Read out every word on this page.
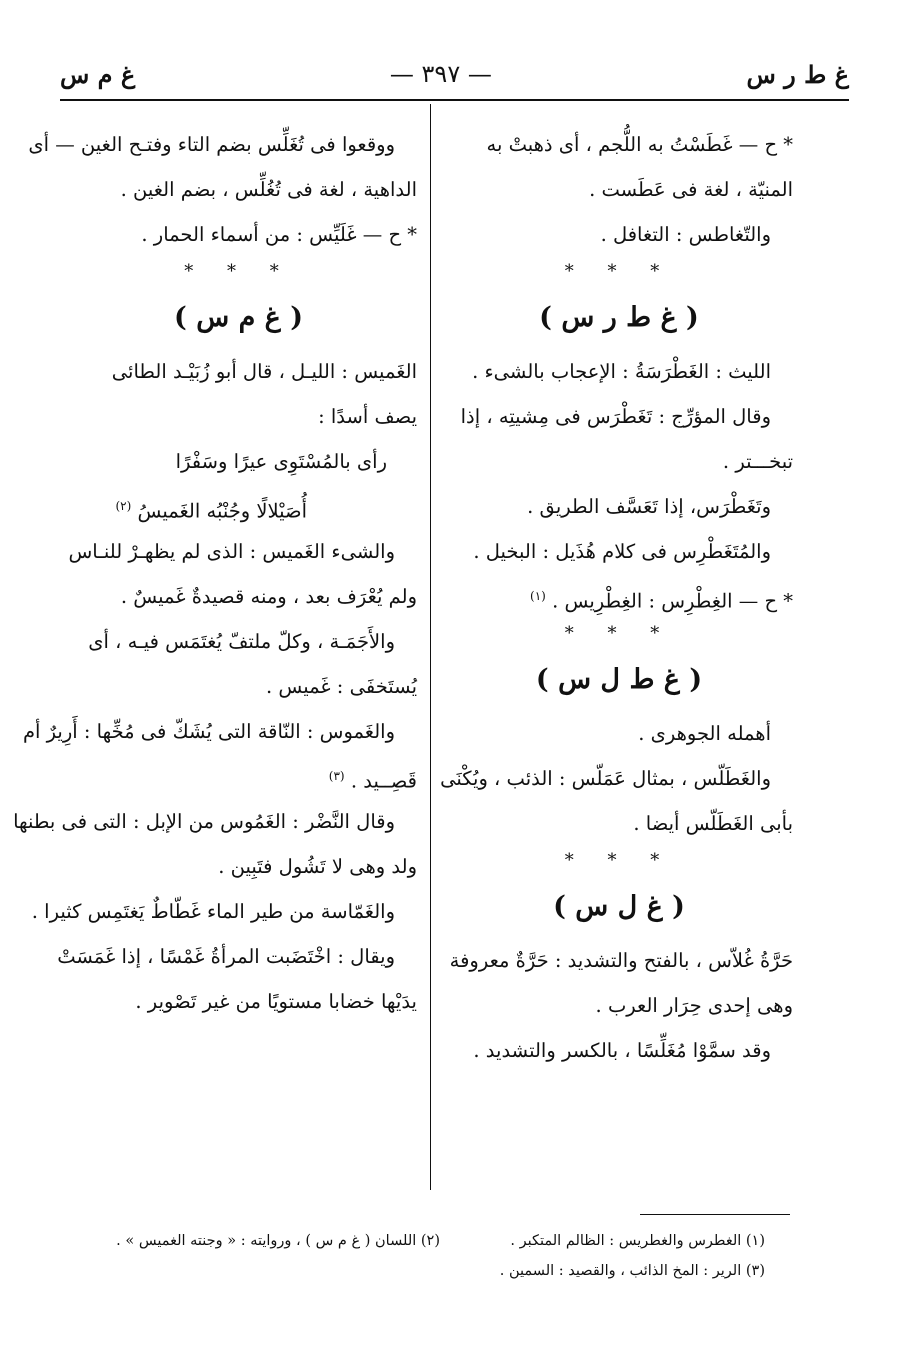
غ ط ر س
— ٣٩٧ —
غ م س
* ح — غَطَسْتُ به اللُّجم ، أى ذهبتْ به
المنيّة ، لغة فى عَطَست .
والتّغاطس : التغافل .
* * *
( غ ط ر س )
الليث : الغَطْرَسَةُ : الإعجاب بالشىء .
وقال المؤرِّج : تَغَطْرَس فى مِشيتِه ، إذا
تبخـــتر .
وتَغَطْرَس، إذا تَعَسَّف الطريق .
والمُتَغَطْرِس فى كلام هُذَيل : البخيل .
* ح — الغِطْرِس : الغِطْرِيس . $^{(١)}$
* * *
( غ ط ل س )
أهمله الجوهرى .
والغَطَلّس ، بمثال عَمَلّس : الذئب ، ويُكْنَى
بأبى الغَطَلّس أيضا .
* * *
( غ ل س )
حَرَّةُ غُلاّس ، بالفتح والتشديد : حَرَّةٌ معروفة
وهى إحدى حِرَار العرب .
وقد سمَّوْا مُغَلِّسًا ، بالكسر والتشديد .
ووقعوا فى تُغَلِّس بضم التاء وفتـح الغين — أى
الداهية ، لغة فى تُغُلِّس ، بضم الغين .
* ح — غَلَيِّس : من أسماء الحمار .
* * *
( غ م س )
الغَميس : الليـل ، قال أبو زُبَيْـد الطائى
يصف أسدًا :
رأى بالمُسْتَوِى عيرًا وسَفْرًا
أُصَيْلالًا وجُنْبُه الغَميسُ $^{(٢)}$
والشىء الغَميس : الذى لم يظهـرْ للنـاس
ولم يُعْرَف بعد ، ومنه قصيدةٌ غَميسٌ .
والأَجَمَـة ، وكلّ ملتفّ يُغتَمَس فيـه ، أى
يُستَخفَى : غَميس .
والغَموس : النّاقة التى يُشَكّ فى مُخِّها : أَرِيرٌ أم
قَصِــيد . $^{(٣)}$
وقال النَّضْر : الغَمُوس من الإبل : التى فى بطنها
ولد وهى لا تَشُول فتَبِين .
والغَمّاسة من طير الماء غَطّاطٌ يَغتَمِس كثيرا .
ويقال : اخْتَضَبت المرأةُ غَمْسًا ، إذا غَمَسَتْ
يدَيْها خضابا مستويًا من غير تَصْوير .
(١) الغطرس والغطريس : الظالم المتكبر .
(٣) الرير : المخ الذائب ، والقصيد : السمين .
(٢) اللسان ( غ م س ) ، وروايته : « وجنته الغميس » .
